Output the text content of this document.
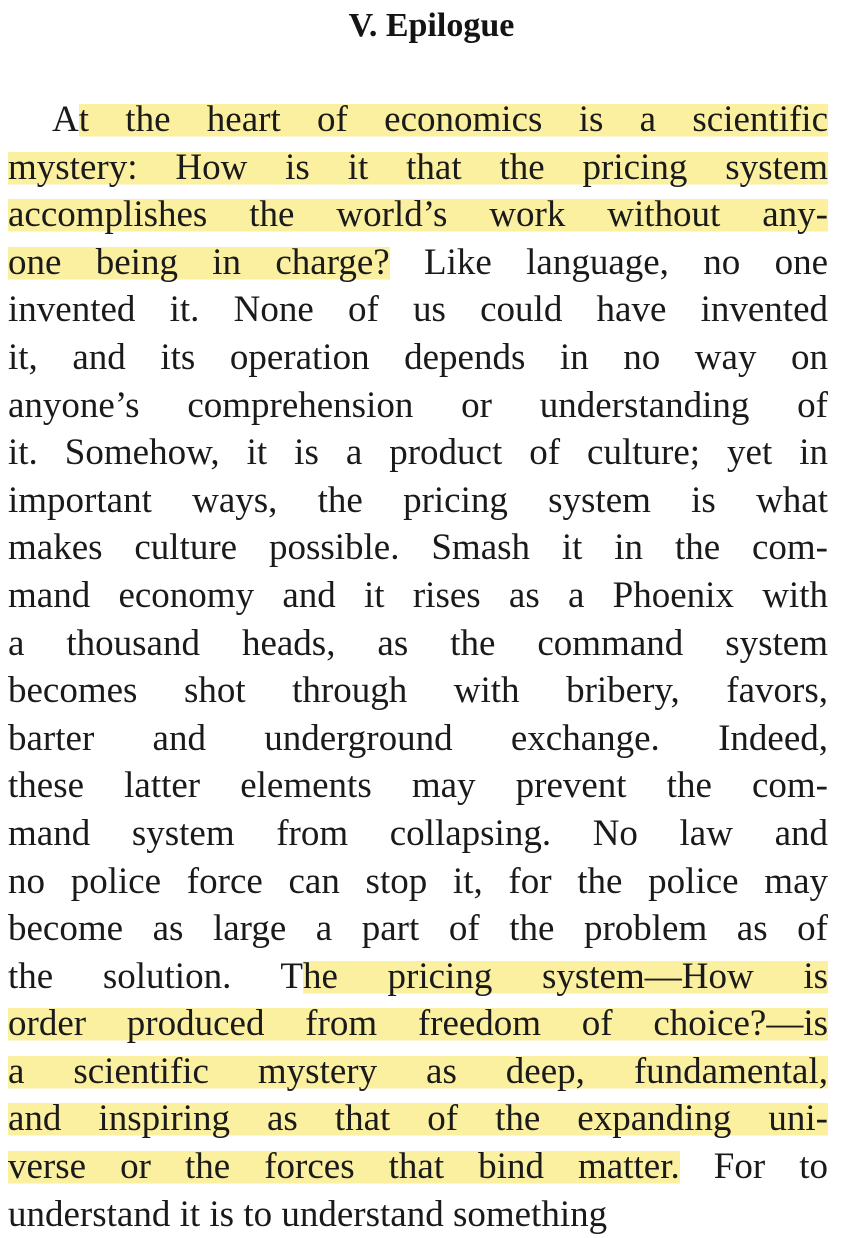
V. Epilogue
At the heart of economics is a scientific
mystery: How is it that the pricing system
accomplishes the world’s work without any-
one being in charge? Like language, no one
invented it. None of us could have invented
it, and its operation depends in no way on
anyone’s comprehension or understanding of
it. Somehow, it is a product of culture; yet in
important ways, the pricing system is what
makes culture possible. Smash it in the com-
mand economy and it rises as a Phoenix with
a thousand heads, as the command system
becomes shot through with bribery, favors,
barter and underground exchange. Indeed,
these latter elements may prevent the com-
mand system from collapsing. No law and
no police force can stop it, for the police may
become as large a part of the problem as of
the solution. The pricing system—How is
order produced from freedom of choice?—is
a scientific mystery as deep, fundamental,
and inspiring as that of the expanding uni-
verse or the forces that bind matter. For to
understand it is to understand something
